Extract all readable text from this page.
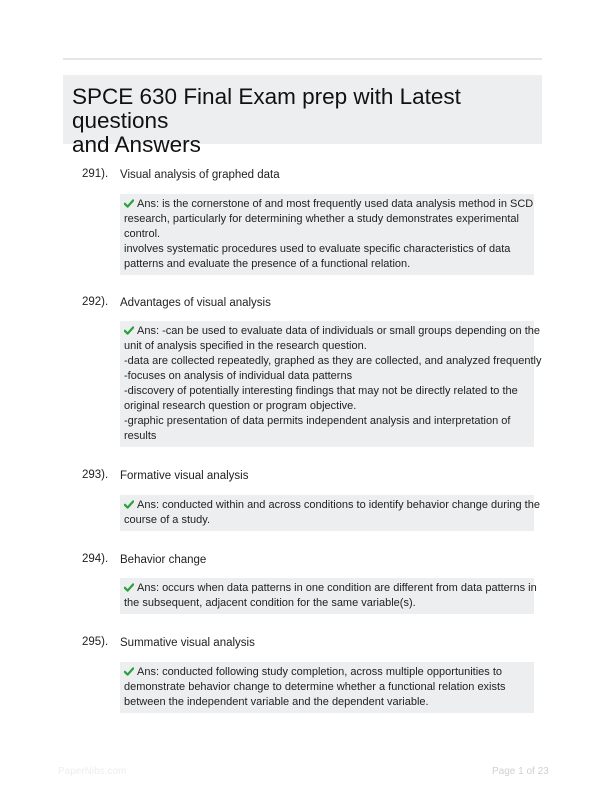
SPCE 630 Final Exam prep with Latest questions
and Answers
291). Visual analysis of graphed data
Ans: is the cornerstone of and most frequently used data analysis method in SCD
research, particularly for determining whether a study demonstrates experimental
control.
involves systematic procedures used to evaluate specific characteristics of data
patterns and evaluate the presence of a functional relation.
292). Advantages of visual analysis
Ans: -can be used to evaluate data of individuals or small groups depending on the
unit of analysis specified in the research question.
-data are collected repeatedly, graphed as they are collected, and analyzed frequently
-focuses on analysis of individual data patterns
-discovery of potentially interesting findings that may not be directly related to the
original research question or program objective.
-graphic presentation of data permits independent analysis and interpretation of
results
293). Formative visual analysis
Ans: conducted within and across conditions to identify behavior change during the
course of a study.
294). Behavior change
Ans: occurs when data patterns in one condition are different from data patterns in
the subsequent, adjacent condition for the same variable(s).
295). Summative visual analysis
Ans: conducted following study completion, across multiple opportunities to
demonstrate behavior change to determine whether a functional relation exists
between the independent variable and the dependent variable.
PaperNibs.com	Page 1 of 23
